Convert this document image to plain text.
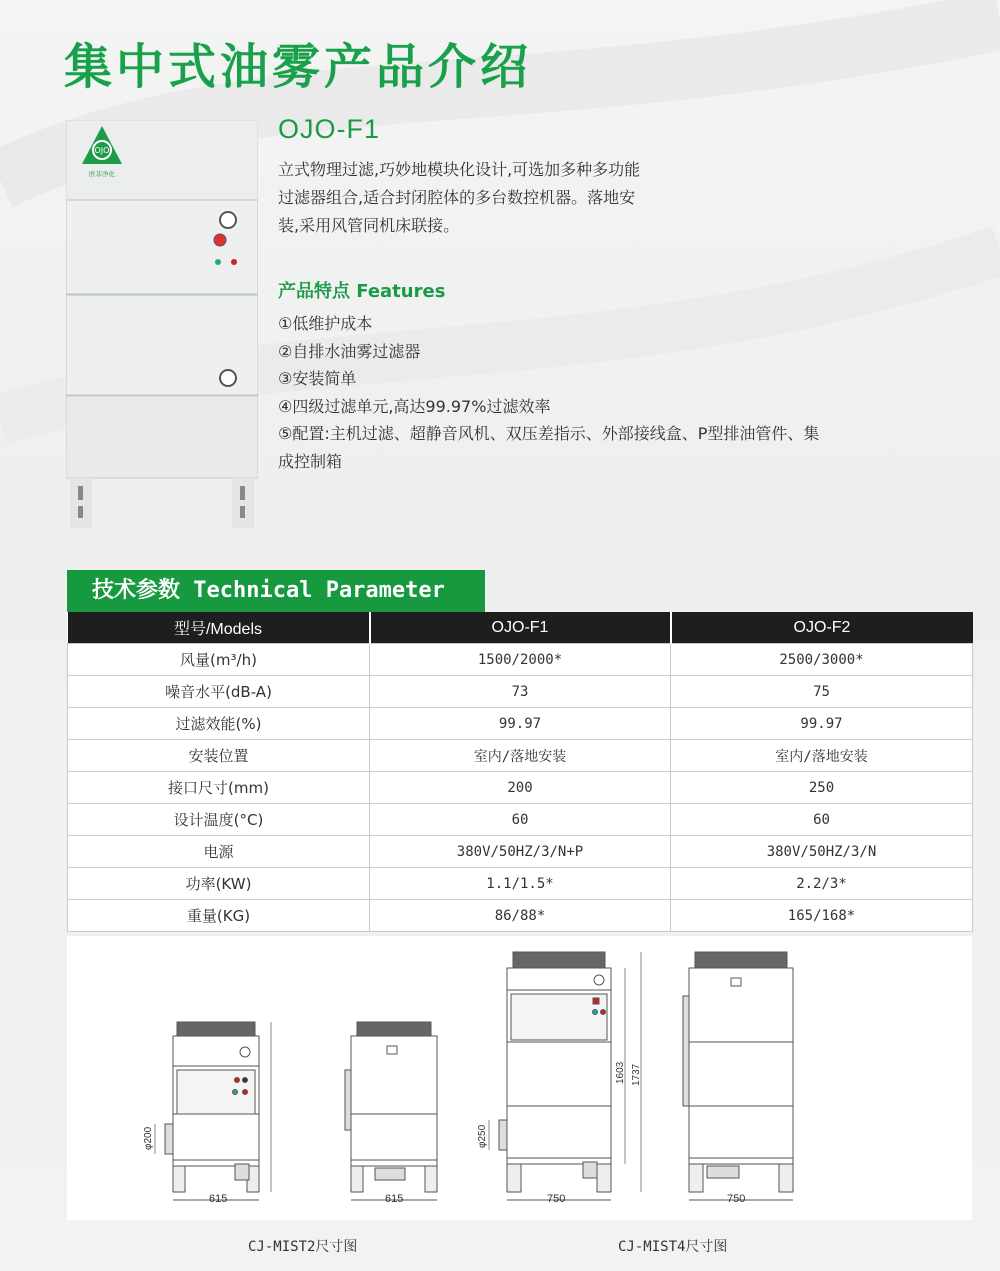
集中式油雾产品介绍
OJO
欧菲净化
OJO-F1
立式物理过滤,巧妙地模块化设计,可选加多种多功能
过滤器组合,适合封闭腔体的多台数控机器。落地安
装,采用风管同机床联接。
产品特点 Features
①低维护成本
②自排水油雾过滤器
③安装简单
④四级过滤单元,高达99.97%过滤效率
⑤配置:主机过滤、超静音风机、双压差指示、外部接线盒、P型排油管件、集
成控制箱
技术参数 Technical Parameter
型号/Models	OJO-F1	OJO-F2
风量(m³/h)	1500/2000*	2500/3000*
噪音水平(dB-A)	73	75
过滤效能(%)	99.97	99.97
安装位置	室内/落地安装	室内/落地安装
接口尺寸(mm)	200	250
设计温度(°C)	60	60
电源	380V/50HZ/3/N+P	380V/50HZ/3/N
功率(KW)	1.1/1.5*	2.2/3*
重量(KG)	86/88*	165/168*
615
φ200
615	750
1603 1737
φ250
750
CJ-MIST2尺寸图	CJ-MIST4尺寸图
